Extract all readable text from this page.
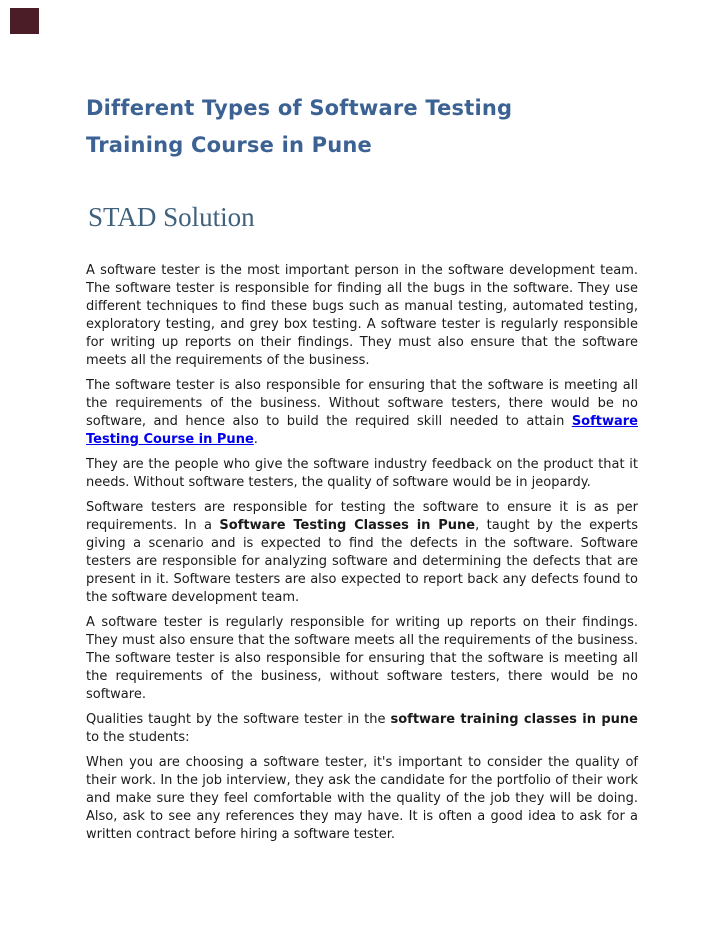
Different Types of Software Testing
Training Course in Pune
STAD Solution

A software tester is the most important person in the software development team. The software tester is responsible for finding all the bugs in the software. They use different techniques to find these bugs such as manual testing, automated testing, exploratory testing, and grey box testing. A software tester is regularly responsible for writing up reports on their findings. They must also ensure that the software meets all the requirements of the business.

The software tester is also responsible for ensuring that the software is meeting all the requirements of the business. Without software testers, there would be no software, and hence also to build the required skill needed to attain Software Testing Course in Pune.

They are the people who give the software industry feedback on the product that it needs. Without software testers, the quality of software would be in jeopardy.

Software testers are responsible for testing the software to ensure it is as per requirements. In a Software Testing Classes in Pune, taught by the experts giving a scenario and is expected to find the defects in the software. Software testers are responsible for analyzing software and determining the defects that are present in it. Software testers are also expected to report back any defects found to the software development team.

A software tester is regularly responsible for writing up reports on their findings. They must also ensure that the software meets all the requirements of the business. The software tester is also responsible for ensuring that the software is meeting all the requirements of the business, without software testers, there would be no software.

Qualities taught by the software tester in the software training classes in pune to the students:

When you are choosing a software tester, it's important to consider the quality of their work. In the job interview, they ask the candidate for the portfolio of their work and make sure they feel comfortable with the quality of the job they will be doing. Also, ask to see any references they may have. It is often a good idea to ask for a written contract before hiring a software tester.
